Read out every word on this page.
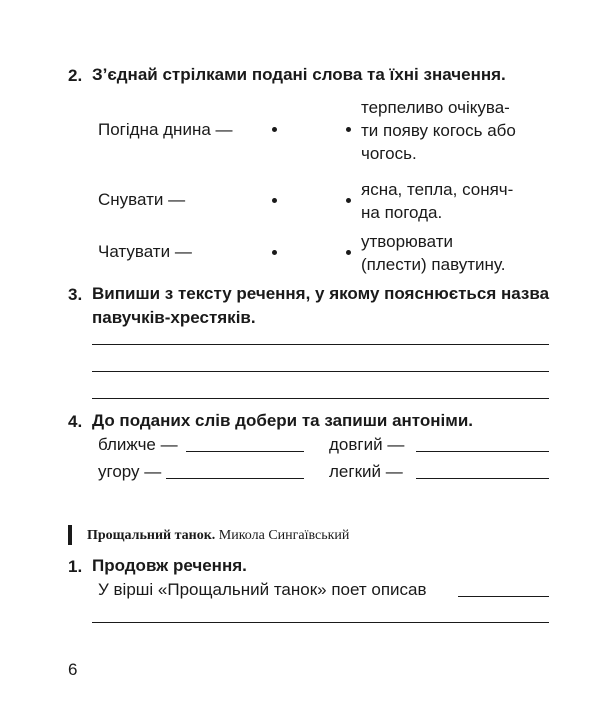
2. З’єднай стрілками подані слова та їхні значення.
Погідна днина —
терпеливо очікува-
ти появу когось або
чогось.
Снувати —
ясна, тепла, соняч-
на погода.
Чатувати —
утворювати
(плести) павутину.
3. Випиши з тексту речення, у якому пояснюється назва
павучків-хрестяків.
4. До поданих слів добери та запиши антоніми.
ближче —	довгий —
угору —	легкий —
Прощальний танок. Микола Сингаївський
1. Продовж речення.
У вірші «Прощальний танок» поет описав
6
